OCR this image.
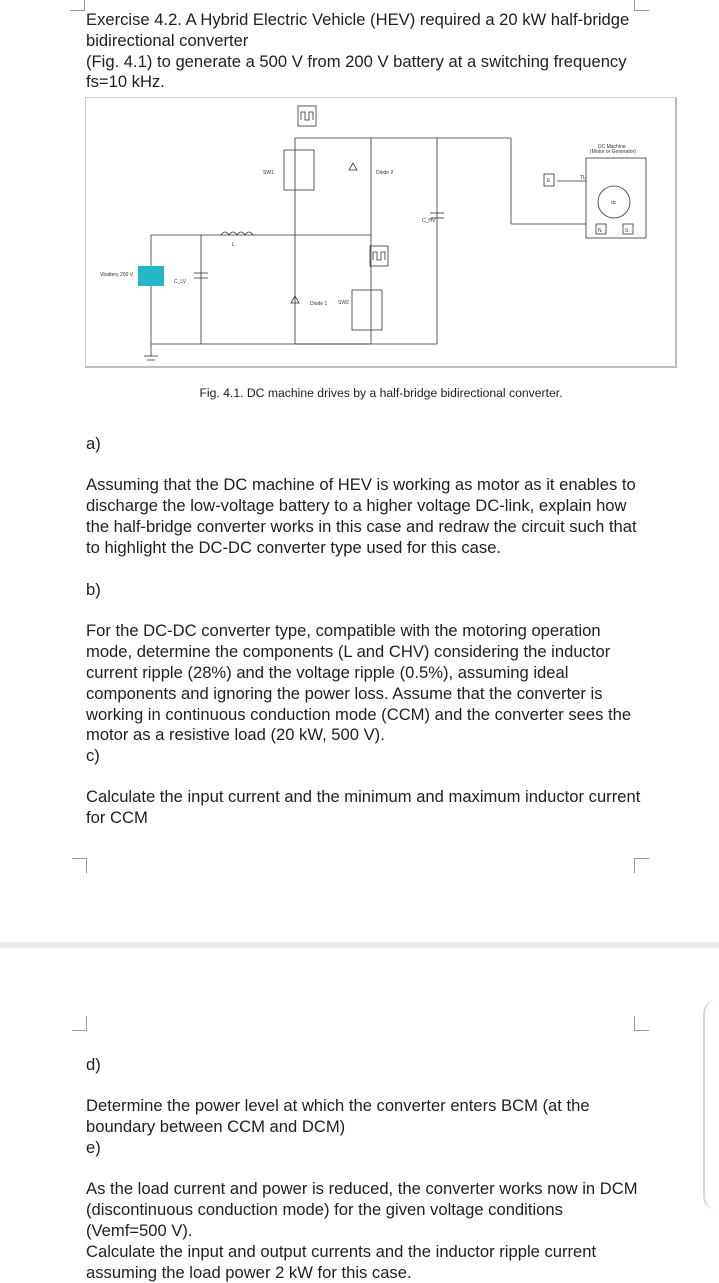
Exercise 4.2. A Hybrid Electric Vehicle (HEV) required a 20 kW half-bridge bidirectional converter
(Fig. 4.1) to generate a 500 V from 200 V battery at a switching frequency fs=10 kHz.
Vbattery 200 V
C_LV
L
SW1
SW2
Diode 1
Diode 2
C_HV
DC Machine (Motor or Generator)
TL
E
dc
N	S
Fig. 4.1. DC machine drives by a half-bridge bidirectional converter.

a)

Assuming that the DC machine of HEV is working as motor as it enables to discharge the low-voltage battery to a higher voltage DC-link, explain how the half-bridge converter works in this case and redraw the circuit such that to highlight the DC-DC converter type used for this case.

b)

For the DC-DC converter type, compatible with the motoring operation mode, determine the components (L and CHV) considering the inductor current ripple (28%) and the voltage ripple (0.5%), assuming ideal components and ignoring the power loss. Assume that the converter is working in continuous conduction mode (CCM) and the converter sees the motor as a resistive load (20 kW, 500 V).

c)

Calculate the input current and the minimum and maximum inductor current for CCM

d)

Determine the power level at which the converter enters BCM (at the boundary between CCM and DCM)

e)

As the load current and power is reduced, the converter works now in DCM (discontinuous conduction mode) for the given voltage conditions (Vemf=500 V).
Calculate the input and output currents and the inductor ripple current assuming the load power 2 kW for this case.
